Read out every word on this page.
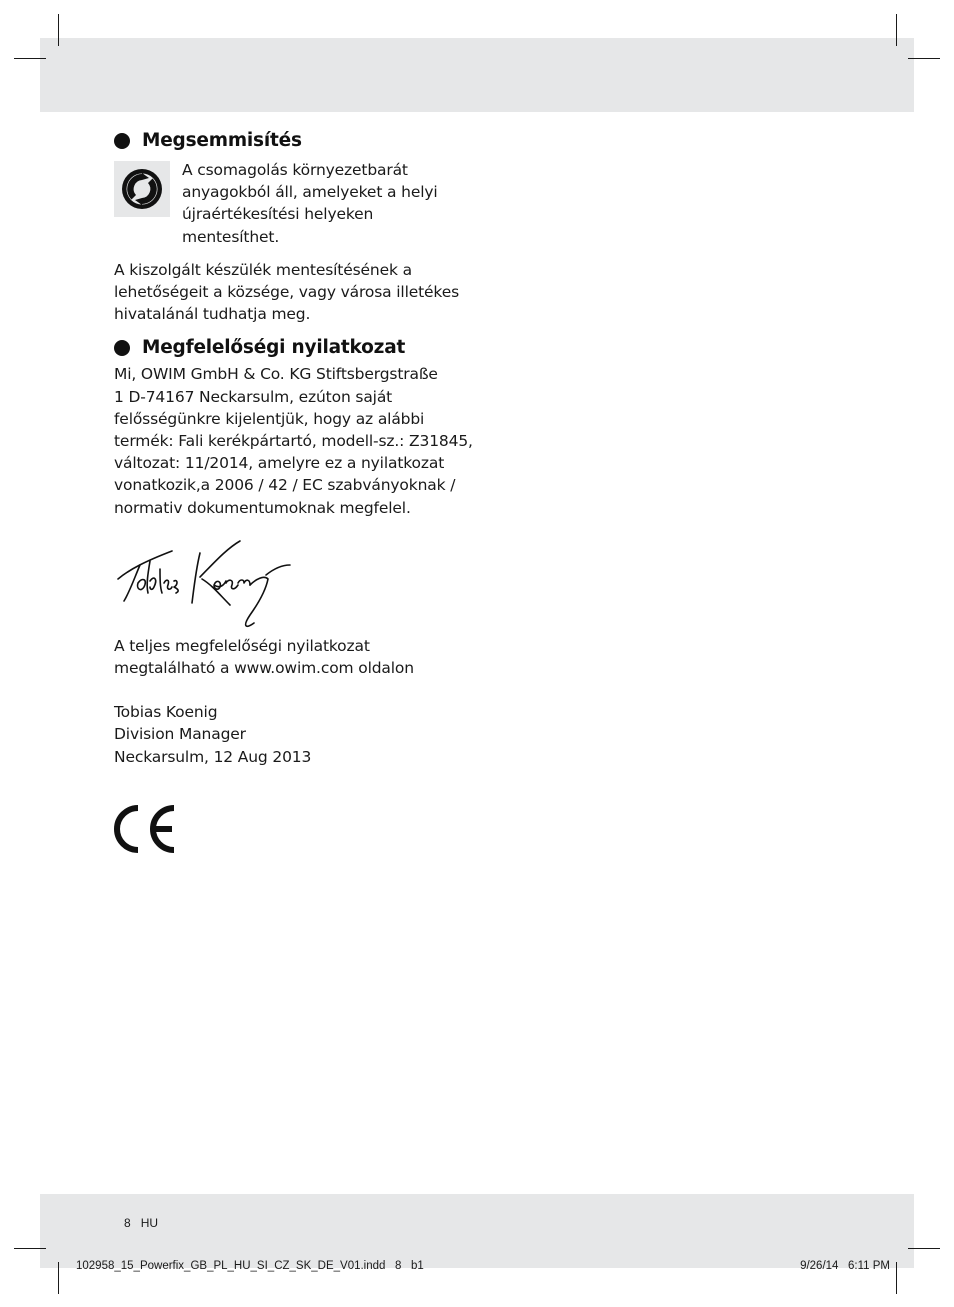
Megsemmisítés
A csomagolás környezetbarát
anyagokból áll, amelyeket a helyi
újraértékesítési helyeken
mentesíthet.
A kiszolgált készülék mentesítésének a
lehetőségeit a községe, vagy városa illetékes
hivatalánál tudhatja meg.
Megfelelőségi nyilatkozat
Mi, OWIM GmbH & Co. KG Stiftsbergstraße
1 D-74167 Neckarsulm, ezúton saját
felősségünkre kijelentjük, hogy az alábbi
termék: Fali kerékpártartó, modell-sz.: Z31845,
változat: 11/2014, amelyre ez a nyilatkozat
vonatkozik,a 2006 / 42 / EC szabványoknak /
normativ dokumentumoknak megfelel.
A teljes megfelelőségi nyilatkozat
megtalálható a www.owim.com oldalon
Tobias Koenig
Division Manager
Neckarsulm, 12 Aug 2013
8 HU
102958_15_Powerfix_GB_PL_HU_SI_CZ_SK_DE_V01.indd   8   b1	9/26/14   6:11 PM
